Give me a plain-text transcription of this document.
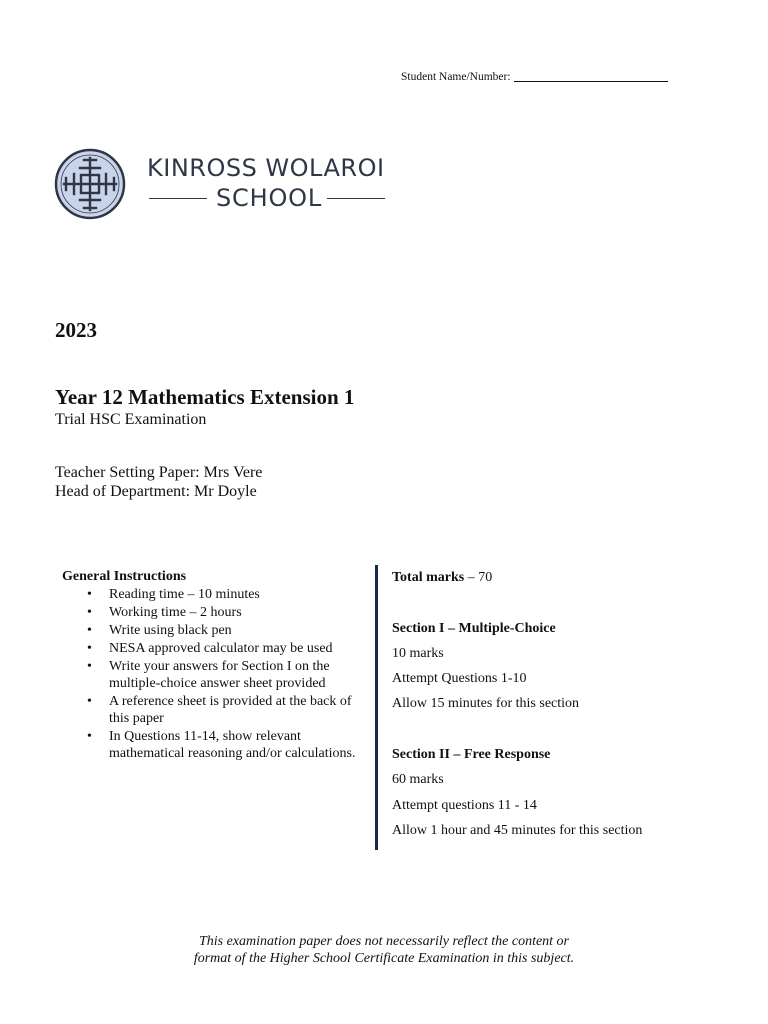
Student Name/Number:
KINROSS WOLAROI
SCHOOL
2023
Year 12 Mathematics Extension 1
Trial HSC Examination
Teacher Setting Paper: Mrs Vere
Head of Department: Mr Doyle
General Instructions
• Reading time – 10 minutes
• Working time – 2 hours
• Write using black pen
• NESA approved calculator may be used
• Write your answers for Section I on the multiple-choice answer sheet provided
• A reference sheet is provided at the back of this paper
• In Questions 11-14, show relevant mathematical reasoning and/or calculations.

Total marks – 70

Section I – Multiple-Choice

10 marks

Attempt Questions 1-10

Allow 15 minutes for this section

Section II – Free Response

60 marks

Attempt questions 11 - 14

Allow 1 hour and 45 minutes for this section

This examination paper does not necessarily reflect the content or
format of the Higher School Certificate Examination in this subject.
